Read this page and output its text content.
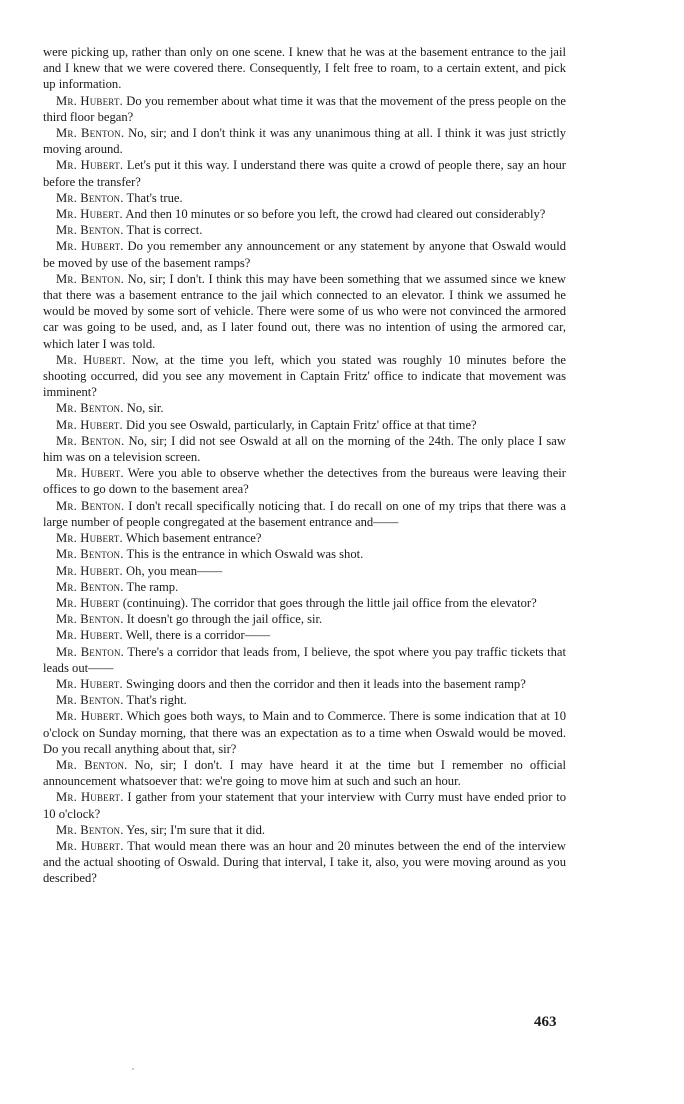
were picking up, rather than only on one scene. I knew that he was at the basement entrance to the jail and I knew that we were covered there. Consequently, I felt free to roam, to a certain extent, and pick up information.

Mr. Hubert. Do you remember about what time it was that the movement of the press people on the third floor began?

Mr. Benton. No, sir; and I don't think it was any unanimous thing at all. I think it was just strictly moving around.

Mr. Hubert. Let's put it this way. I understand there was quite a crowd of people there, say an hour before the transfer?

Mr. Benton. That's true.

Mr. Hubert. And then 10 minutes or so before you left, the crowd had cleared out considerably?

Mr. Benton. That is correct.

Mr. Hubert. Do you remember any announcement or any statement by anyone that Oswald would be moved by use of the basement ramps?

Mr. Benton. No, sir; I don't. I think this may have been something that we assumed since we knew that there was a basement entrance to the jail which connected to an elevator. I think we assumed he would be moved by some sort of vehicle. There were some of us who were not convinced the armored car was going to be used, and, as I later found out, there was no intention of using the armored car, which later I was told.

Mr. Hubert. Now, at the time you left, which you stated was roughly 10 minutes before the shooting occurred, did you see any movement in Captain Fritz' office to indicate that movement was imminent?

Mr. Benton. No, sir.

Mr. Hubert. Did you see Oswald, particularly, in Captain Fritz' office at that time?

Mr. Benton. No, sir; I did not see Oswald at all on the morning of the 24th. The only place I saw him was on a television screen.

Mr. Hubert. Were you able to observe whether the detectives from the bureaus were leaving their offices to go down to the basement area?

Mr. Benton. I don't recall specifically noticing that. I do recall on one of my trips that there was a large number of people congregated at the basement entrance and——

Mr. Hubert. Which basement entrance?

Mr. Benton. This is the entrance in which Oswald was shot.

Mr. Hubert. Oh, you mean——

Mr. Benton. The ramp.

Mr. Hubert (continuing). The corridor that goes through the little jail office from the elevator?

Mr. Benton. It doesn't go through the jail office, sir.

Mr. Hubert. Well, there is a corridor——

Mr. Benton. There's a corridor that leads from, I believe, the spot where you pay traffic tickets that leads out——

Mr. Hubert. Swinging doors and then the corridor and then it leads into the basement ramp?

Mr. Benton. That's right.

Mr. Hubert. Which goes both ways, to Main and to Commerce. There is some indication that at 10 o'clock on Sunday morning, that there was an expectation as to a time when Oswald would be moved. Do you recall anything about that, sir?

Mr. Benton. No, sir; I don't. I may have heard it at the time but I remember no official announcement whatsoever that: we're going to move him at such and such an hour.

Mr. Hubert. I gather from your statement that your interview with Curry must have ended prior to 10 o'clock?

Mr. Benton. Yes, sir; I'm sure that it did.

Mr. Hubert. That would mean there was an hour and 20 minutes between the end of the interview and the actual shooting of Oswald. During that interval, I take it, also, you were moving around as you described?

463
